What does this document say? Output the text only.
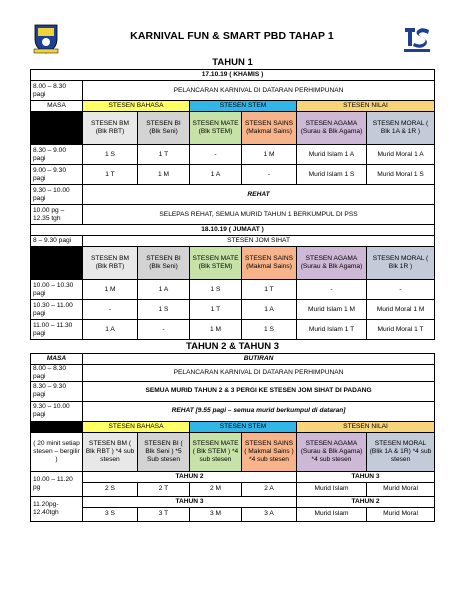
KARNIVAL FUN & SMART PBD TAHAP 1
TAHUN 1						
17.10.19 ( KHAMIS )						
8.00 – 8.30 pagi	PELANCARAN KARNIVAL DI DATARAN PERHIMPUNAN					
MASA	STESEN BAHASA		STESEN STEM		STESEN NILAI	
	STESEN BM (Blk RBT)	STESEN BI (Blk Seni)	STESEN MATE (Blk STEM)	STESEN SAINS (Makmal Sains)	STESEN AGAMA (Surau & Blk Agama)	STESEN MORAL ( Blk 1A & 1R )
8.30 – 9.00 pagi	1 S	1 T	-	1 M	Murid Islam 1 A	Murid Moral 1 A
9.00 – 9.30 pagi	1 T	1 M	1 A	-	Murid Islam 1 S	Murid Moral 1 S
9.30 – 10.00 pagi	REHAT					
10.00 pg – 12.35 tgh	SELEPAS REHAT, SEMUA MURID TAHUN 1 BERKUMPUL DI PSS					
18.10.19 ( JUMAAT )						
8 – 9.30 pagi	STESEN JOM SIHAT					
	STESEN BM (Blk RBT)	STESEN BI (Blk Seni)	STESEN MATE (Blk STEM)	STESEN SAINS (Makmal Sains)	STESEN AGAMA (Surau & Blk Agama)	STESEN MORAL ( Blk 1R )
10.00 – 10.30 pagi	1 M	1 A	1 S	1 T	-	-
10.30 – 11.00 pagi	-	1 S	1 T	1 A	Murid Islam 1 M	Murid Moral 1 M
11.00 – 11.30 pagi	1 A	-	1 M	1 S	Murid Islam 1 T	Murid Moral 1 T
TAHUN 2 & TAHUN 3						
MASA	BUTIRAN					
8.00 – 8.30 pagi	PELANCARAN KARNIVAL DI DATARAN PERHIMPUNAN					
8.30 – 9.30 pagi	SEMUA MURID TAHUN 2 & 3 PERGI KE STESEN JOM SIHAT DI PADANG					
9.30 – 10.00 pagi	REHAT [9.55 pagi – semua murid berkumpul di dataran]					
	STESEN BAHASA		STESEN STEM		STESEN NILAI	
( 20 minit setiap stesen – bergilir )	STESEN BM ( Blk RBT ) *4 sub stesen	STESEN BI ( Blk Seni ) *5 Sub stesen	STESEN MATE ( Blk STEM ) *4 sub stesen	STESEN SAINS ( Makmal Sains ) *4 sub stesen	STESEN AGAMA (Surau & Blk Agama) *4 sub stesen	STESEN MORAL (Blik 1A & 1R) *4 sub stesen
10.00 – 11.20 pg	TAHUN 2				TAHUN 3	
	2 S	2 T	2 M	2 A	Murid Islam	Murid Moral
11.20pg- 12.40tgh	TAHUN 3				TAHUN 2	
	3 S	3 T	3 M	3 A	Murid Islam	Murid Moral
